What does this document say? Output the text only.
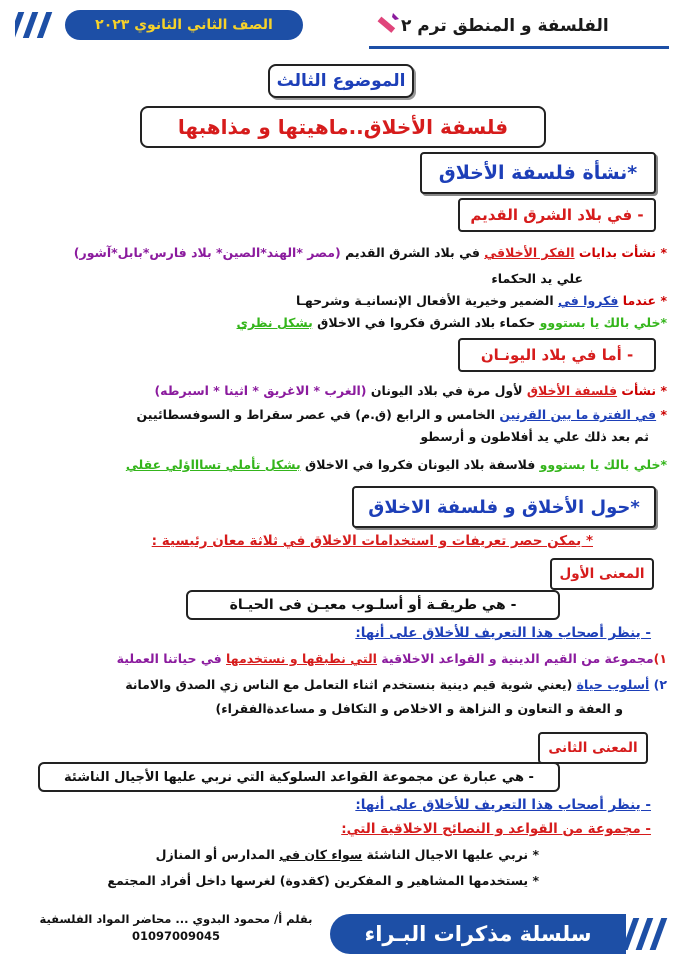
الفلسفة و المنطق ترم ٢
الصف الثاني الثانوي ٢٠٢٣
الموضوع الثالث
فلسفة الأخلاق..ماهيتها و مذاهبها
*نشأة فلسفة الأخلاق
- في بلاد الشرق القديم
* نشأت بدايات الفكر الأخلاقي في بلاد الشرق القديم (مصر *الهند*الصين* بلاد فارس*بابل*آشور)
علي يد الحكماء
* عندما فكروا في الضمير وخيرية الأفعال الإنسانيـة وشرحهـا
*خلي بالك يا بستووو حكماء بلاد الشرق فكروا في الاخلاق بشكل نظري
- أما في بلاد اليونـان
* نشأت فلسفة الأخلاق لأول مرة في بلاد اليونان (الغرب * الاغريق * اثينا * اسبرطه)
* في الفترة ما بين القرنين الخامس و الرابع (ق.م) في عصر سقراط و السوفسطائيين
ثم بعد ذلك علي يد أفلاطون و أرسطو
*خلي بالك يا بستووو فلاسفة بلاد اليونان فكروا في الاخلاق بشكل تأملي تساااؤلي عقلي
*حول الأخلاق و فلسفة الاخلاق
* يمكن حصر تعريفات و استخدامات الاخلاق في ثلاثة معان رئيسية :
المعنى الأول
- هي طريقـة أو أسلـوب معيـن فى الحيـاة
- ينظر أصحاب هذا التعريف للأخلاق على أنها:
١)مجموعة من القيم الدينية و القواعد الاخلاقية التي نطبقها و نستخدمها في حياتنا العملية
٢) أسلوب حياة (يعني شوية قيم دينية بنستخدم اثناء التعامل مع الناس زي الصدق والامانة
و العفة و التعاون و النزاهة و الاخلاص و التكافل و مساعدةالفقراء)
المعنى الثانى
- هي عبارة عن مجموعة القواعد السلوكية التي نربي عليها الأجيال الناشئة
- ينظر أصحاب هذا التعريف للأخلاق على أنها:
- مجموعة من القواعد و النصائح الاخلاقية التي:
* نربي عليها الاجيال الناشئة سواء كان في المدارس أو المنازل
* يستخدمها المشاهير و المفكرين (كقدوة) لغرسها داخل أفراد المجتمع
بقلم أ/ محمود البدوي ... محاضر المواد الفلسفية
01097009045	سلسلة مذكرات البـراء
